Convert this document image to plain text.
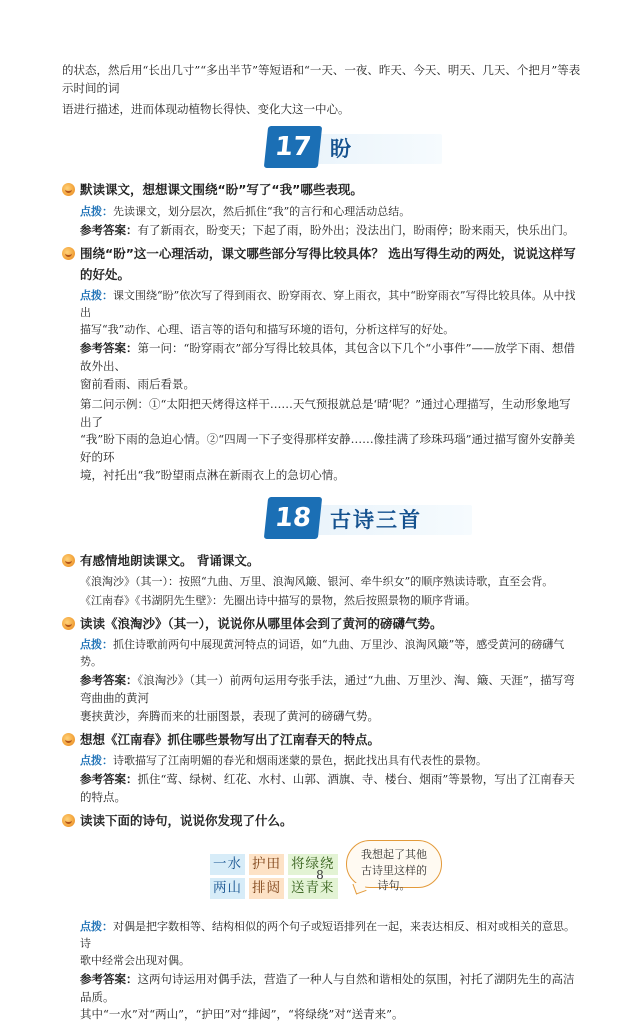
的状态，然后用“长出几寸”“多出半节”等短语和“一天、一夜、昨天、今天、明天、几天、个把月”等表示时间的词

语进行描述，进而体现动植物长得快、变化大这一中心。

17 盼
默读课文，想想课文围绕“盼”写了“我”哪些表现。

点拨：先读课文，划分层次，然后抓住“我”的言行和心理活动总结。

参考答案：有了新雨衣，盼变天；下起了雨，盼外出；没法出门，盼雨停；盼来雨天，快乐出门。

围绕“盼”这一心理活动，课文哪些部分写得比较具体？ 选出写得生动的两处，说说这样写
的好处。

点拨：课文围绕“盼”依次写了得到雨衣、盼穿雨衣、穿上雨衣，其中“盼穿雨衣”写得比较具体。从中找出
描写“我”动作、心理、语言等的语句和描写环境的语句，分析这样写的好处。

参考答案：第一问：“盼穿雨衣”部分写得比较具体，其包含以下几个“小事件”——放学下雨、想借故外出、
窗前看雨、雨后看景。

第二问示例：①“太阳把天烤得这样干……天气预报就总是‘晴’呢？”通过心理描写，生动形象地写出了
“我”盼下雨的急迫心情。②“四周一下子变得那样安静……像挂满了珍珠玛瑙”通过描写窗外安静美好的环
境，衬托出“我”盼望雨点淋在新雨衣上的急切心情。

18 古诗三首
有感情地朗读课文。 背诵课文。

《浪淘沙》（其一）：按照“九曲、万里、浪淘风簸、银河、牵牛织女”的顺序熟读诗歌，直至会背。

《江南春》《书湖阴先生壁》：先圈出诗中描写的景物，然后按照景物的顺序背诵。

读读《浪淘沙》（其一），说说你从哪里体会到了黄河的磅礴气势。

点拨：抓住诗歌前两句中展现黄河特点的词语，如“九曲、万里沙、浪淘风簸”等，感受黄河的磅礴气势。

参考答案：《浪淘沙》（其一）前两句运用夸张手法，通过“九曲、万里沙、淘、簸、天涯”，描写弯弯曲曲的黄河
裹挟黄沙，奔腾而来的壮丽图景，表现了黄河的磅礴气势。

想想《江南春》抓住哪些景物写出了江南春天的特点。

点拨：诗歌描写了江南明媚的春光和烟雨迷蒙的景色，据此找出具有代表性的景物。

参考答案：抓住“莺、绿树、红花、水村、山郭、酒旗、寺、楼台、烟雨”等景物，写出了江南春天的特点。

读读下面的诗句，说说你发现了什么。
一水 护田 将绿绕
两山 排闼 送青来
我想起了其他古诗里这样的诗句。

点拨：对偶是把字数相等、结构相似的两个句子或短语排列在一起，来表达相反、相对或相关的意思。诗
歌中经常会出现对偶。

参考答案：这两句诗运用对偶手法，营造了一种人与自然和谐相处的氛围，衬托了湖阴先生的高洁品质。
其中“一水”对“两山”，“护田”对“排闼”，“将绿绕”对“送青来”。

8
